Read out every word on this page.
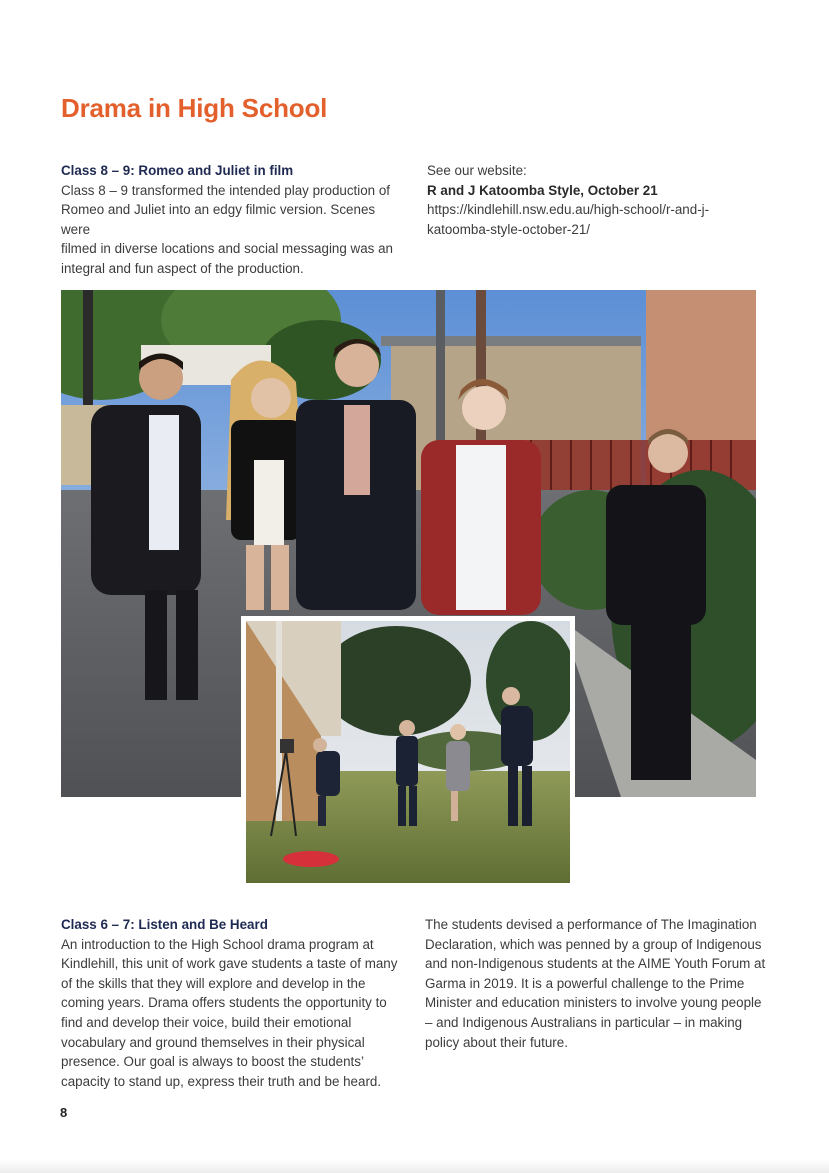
Drama in High School

Class 8 – 9: Romeo and Juliet in film

Class 8 – 9 transformed the intended play production of

Romeo and Juliet into an edgy filmic version. Scenes were

filmed in diverse locations and social messaging was an

integral and fun aspect of the production.

See our website:

R and J Katoomba Style, October 21

https://kindlehill.nsw.edu.au/high-school/r-and-j-

katoomba-style-october-21/

Class 6 – 7: Listen and Be Heard

An introduction to the High School drama program at

Kindlehill, this unit of work gave students a taste of many

of the skills that they will explore and develop in the

coming years. Drama offers students the opportunity to

find and develop their voice, build their emotional

vocabulary and ground themselves in their physical

presence. Our goal is always to boost the students’

capacity to stand up, express their truth and be heard.

The students devised a performance of The Imagination

Declaration, which was penned by a group of Indigenous

and non-Indigenous students at the AIME Youth Forum at

Garma in 2019. It is a powerful challenge to the Prime

Minister and education ministers to involve young people

– and Indigenous Australians in particular – in making

policy about their future.

8
